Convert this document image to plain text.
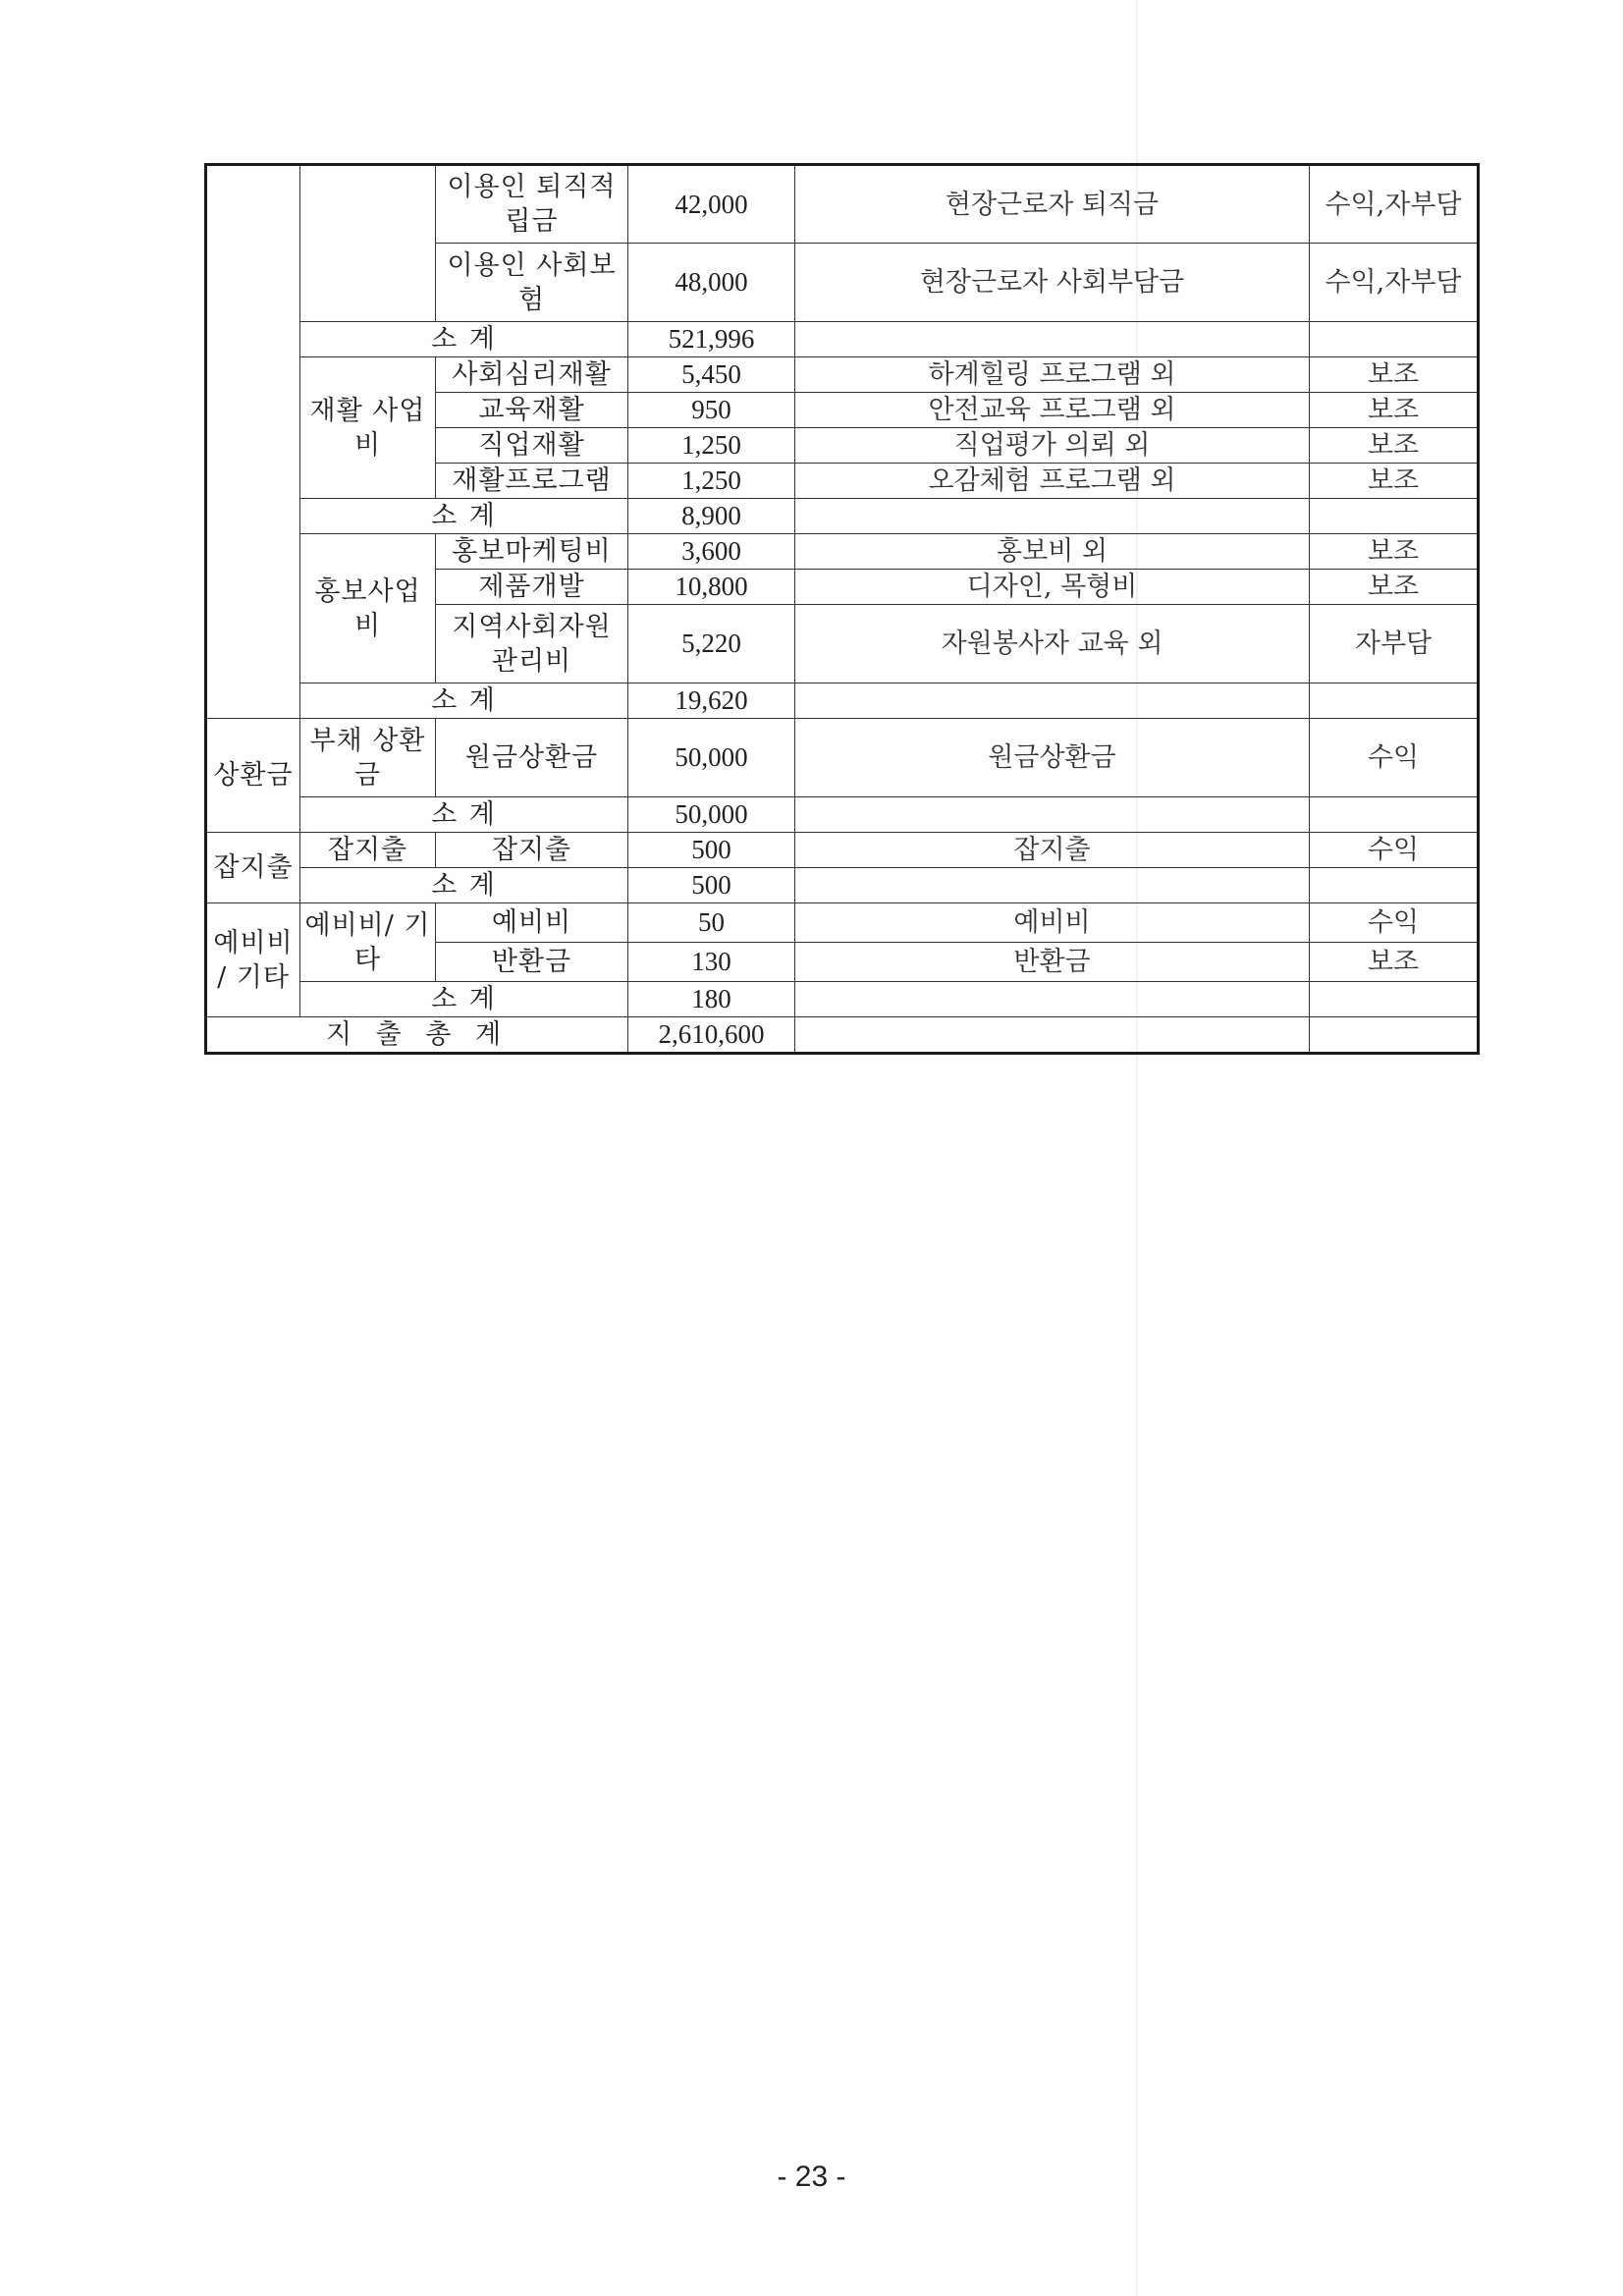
		이용인 퇴직적립금	42,000	현장근로자 퇴직금	수익,자부담
		이용인 사회보험	48,000	현장근로자 사회부담금	수익,자부담
	소 계		521,996		
	재활 사업비	사회심리재활	5,450	하계힐링 프로그램 외	보조
		교육재활	950	안전교육 프로그램 외	보조
		직업재활	1,250	직업평가 의뢰 외	보조
		재활프로그램	1,250	오감체험 프로그램 외	보조
	소 계		8,900		
	홍보사업 비	홍보마케팅비	3,600	홍보비 외	보조
		제품개발	10,800	디자인, 목형비	보조
		지역사회자원 관리비	5,220	자원봉사자 교육 외	자부담
	소 계		19,620		
상환금	부채 상환금	원금상환금	50,000	원금상환금	수익
	소 계		50,000		
잡지출	잡지출	잡지출	500	잡지출	수익
	소 계		500		
예비비 / 기타	예비비/ 기타	예비비	50	예비비	수익
		반환금	130	반환금	보조
	소 계		180		
지 출 총 계			2,610,600		
- 23 -
